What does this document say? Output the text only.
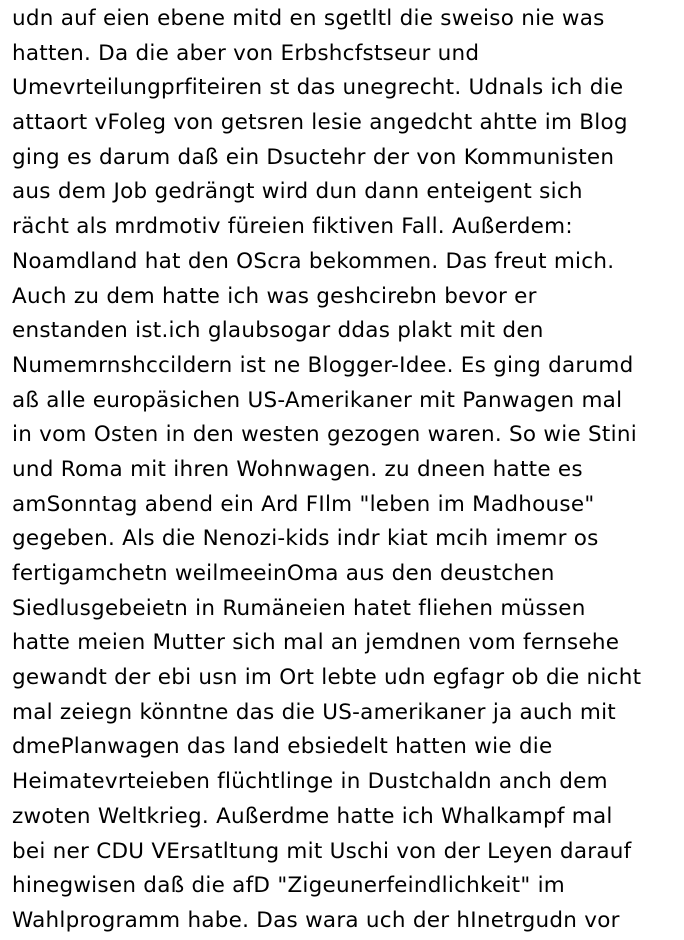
udn auf eien ebene mitd en sgetltl die sweiso nie was
hatten. Da die aber von Erbshcfstseur und
Umevrteilungprfiteiren st das unegrecht. Udnals ich die
attaort vFoleg von getsren lesie angedcht ahtte im Blog
ging es darum daß ein Dsuctehr der von Kommunisten
aus dem Job gedrängt wird dun dann enteigent sich
rächt als mrdmotiv füreien fiktiven Fall. Außerdem:
Noamdland hat den OScra bekommen. Das freut mich.
Auch zu dem hatte ich was geshcirebn bevor er
enstanden ist.ich glaubsogar ddas plakt mit den
Numemrnshccildern ist ne Blogger-Idee. Es ging darumd
aß alle europäsichen US-Amerikaner mit Panwagen mal
in vom Osten in den westen gezogen waren. So wie Stini
und Roma mit ihren Wohnwagen. zu dneen hatte es
amSonntag abend ein Ard FIlm "leben im Madhouse"
gegeben. Als die Nenozi-kids indr kiat mcih imemr os
fertigamchetn weilmeeinOma aus den deustchen
Siedlusgebeietn in Rumäneien hatet fliehen müssen
hatte meien Mutter sich mal an jemdnen vom fernsehe
gewandt der ebi usn im Ort lebte udn egfagr ob die nicht
mal zeiegn könntne das die US-amerikaner ja auch mit
dmePlanwagen das land ebsiedelt hatten wie die
Heimatevrteieben flüchtlinge in Dustchaldn anch dem
zwoten Weltkrieg. Außerdme hatte ich Whalkampf mal
bei ner CDU VErsatltung mit Uschi von der Leyen darauf
hinegwisen daß die afD "Zigeunerfeindlichkeit" im
Wahlprogramm habe. Das wara uch der hInetrgudn vor
